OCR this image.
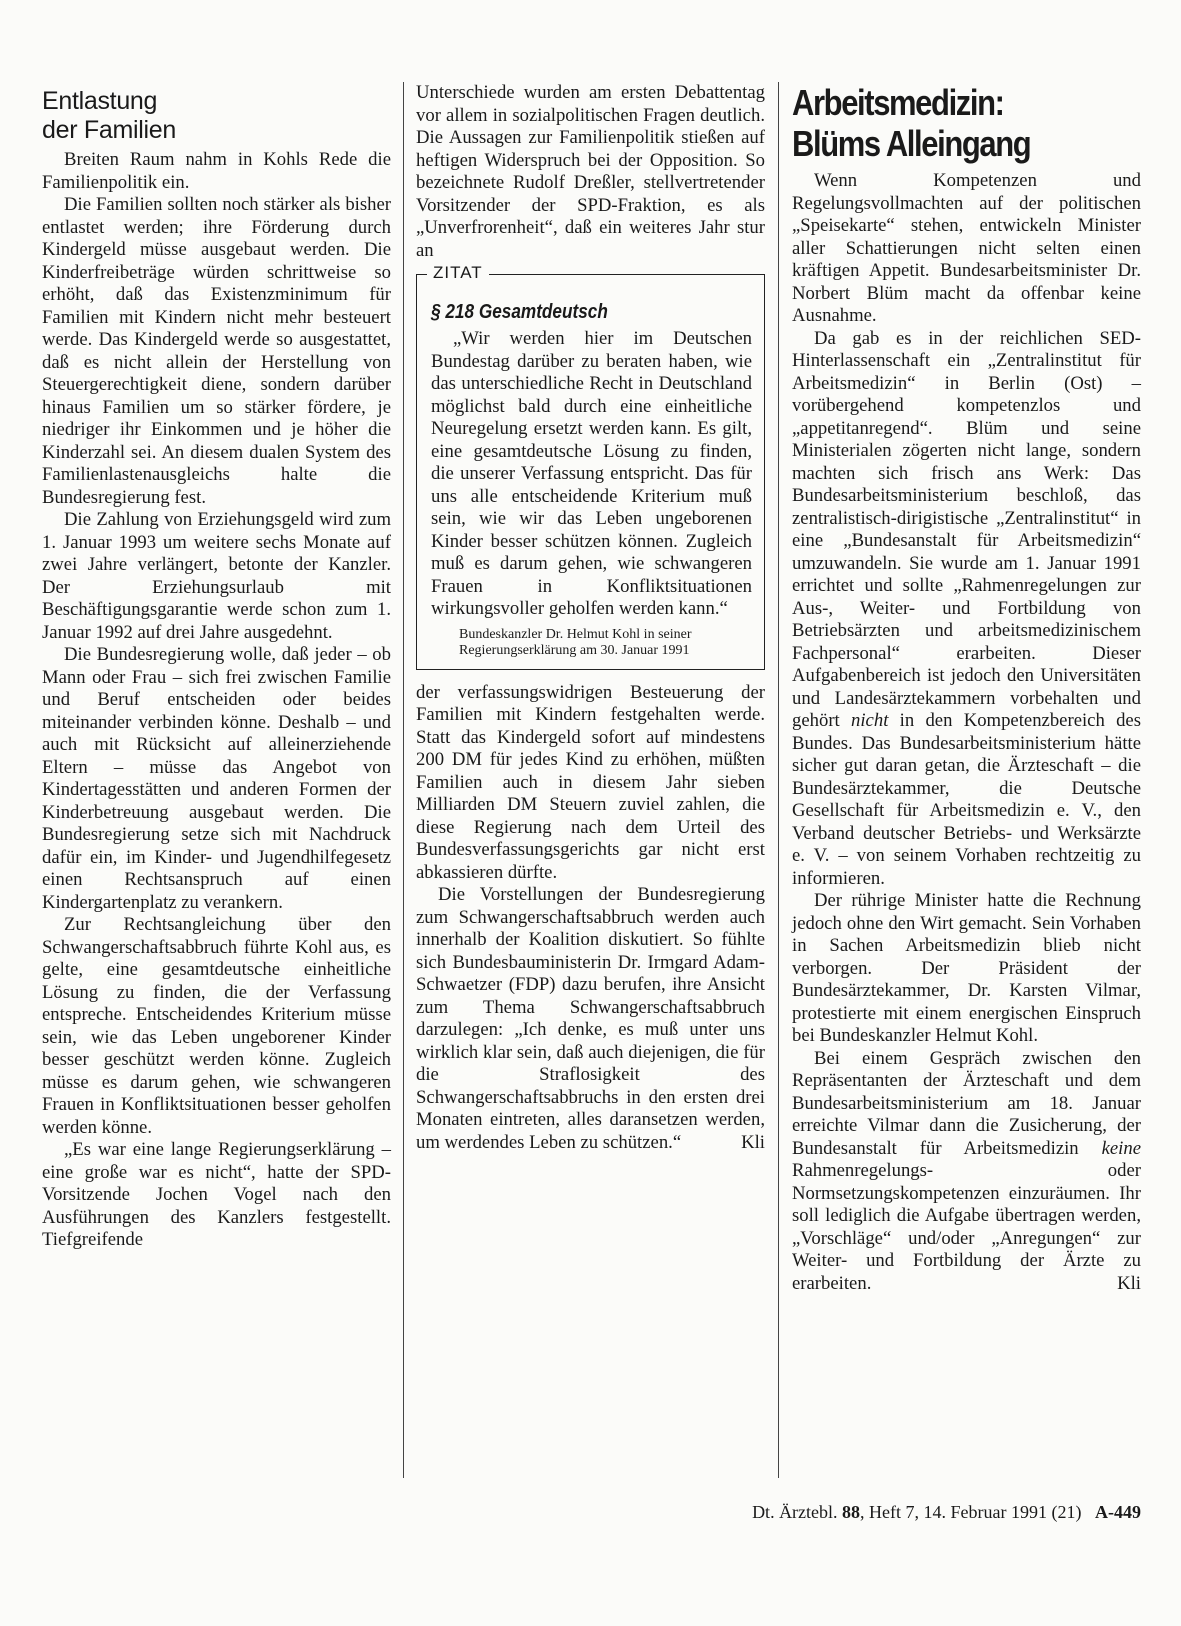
Entlastung
der Familien

Breiten Raum nahm in Kohls Rede die Familienpolitik ein.

Die Familien sollten noch stärker als bisher entlastet werden; ihre Förderung durch Kindergeld müsse ausgebaut werden. Die Kinderfreibeträge würden schrittweise so erhöht, daß das Existenzminimum für Familien mit Kindern nicht mehr besteuert werde. Das Kindergeld werde so ausgestattet, daß es nicht allein der Herstellung von Steuergerechtigkeit diene, sondern darüber hinaus Familien um so stärker fördere, je niedriger ihr Einkommen und je höher die Kinderzahl sei. An diesem dualen System des Familienlastenausgleichs halte die Bundesregierung fest.

Die Zahlung von Erziehungsgeld wird zum 1. Januar 1993 um weitere sechs Monate auf zwei Jahre verlängert, betonte der Kanzler. Der Erziehungsurlaub mit Beschäftigungsgarantie werde schon zum 1. Januar 1992 auf drei Jahre ausgedehnt.

Die Bundesregierung wolle, daß jeder – ob Mann oder Frau – sich frei zwischen Familie und Beruf entscheiden oder beides miteinander verbinden könne. Deshalb – und auch mit Rücksicht auf alleinerziehende Eltern – müsse das Angebot von Kindertagesstätten und anderen Formen der Kinderbetreuung ausgebaut werden. Die Bundesregierung setze sich mit Nachdruck dafür ein, im Kinder- und Jugendhilfegesetz einen Rechtsanspruch auf einen Kindergartenplatz zu verankern.

Zur Rechtsangleichung über den Schwangerschaftsabbruch führte Kohl aus, es gelte, eine gesamtdeutsche einheitliche Lösung zu finden, die der Verfassung entspreche. Entscheidendes Kriterium müsse sein, wie das Leben ungeborener Kinder besser geschützt werden könne. Zugleich müsse es darum gehen, wie schwangeren Frauen in Konfliktsituationen besser geholfen werden könne.

„Es war eine lange Regierungserklärung – eine große war es nicht“, hatte der SPD-Vorsitzende Jochen Vogel nach den Ausführungen des Kanzlers festgestellt. Tiefgreifende

Unterschiede wurden am ersten Debattentag vor allem in sozialpolitischen Fragen deutlich. Die Aussagen zur Familienpolitik stießen auf heftigen Widerspruch bei der Opposition. So bezeichnete Rudolf Dreßler, stellvertretender Vorsitzender der SPD-Fraktion, es als „Unverfrorenheit“, daß ein weiteres Jahr stur an

ZITAT
§ 218 Gesamtdeutsch

„Wir werden hier im Deutschen Bundestag darüber zu beraten haben, wie das unterschiedliche Recht in Deutschland möglichst bald durch eine einheitliche Neuregelung ersetzt werden kann. Es gilt, eine gesamtdeutsche Lösung zu finden, die unserer Verfassung entspricht. Das für uns alle entscheidende Kriterium muß sein, wie wir das Leben ungeborenen Kinder besser schützen können. Zugleich muß es darum gehen, wie schwangeren Frauen in Konfliktsituationen wirkungsvoller geholfen werden kann.“

Bundeskanzler Dr. Helmut Kohl in seiner Regierungserklärung am 30. Januar 1991

der verfassungswidrigen Besteuerung der Familien mit Kindern festgehalten werde. Statt das Kindergeld sofort auf mindestens 200 DM für jedes Kind zu erhöhen, müßten Familien auch in diesem Jahr sieben Milliarden DM Steuern zuviel zahlen, die diese Regierung nach dem Urteil des Bundesverfassungsgerichts gar nicht erst abkassieren dürfte.

Die Vorstellungen der Bundesregierung zum Schwangerschaftsabbruch werden auch innerhalb der Koalition diskutiert. So fühlte sich Bundesbauministerin Dr. Irmgard Adam-Schwaetzer (FDP) dazu berufen, ihre Ansicht zum Thema Schwangerschaftsabbruch darzulegen: „Ich denke, es muß unter uns wirklich klar sein, daß auch diejenigen, die für die Straflosigkeit des Schwangerschaftsabbruchs in den ersten drei Monaten eintreten, alles daransetzen werden, um werdendes Leben zu schützen.“	Kli

Arbeitsmedizin:
Blüms Alleingang

Wenn Kompetenzen und Regelungsvollmachten auf der politischen „Speisekarte“ stehen, entwickeln Minister aller Schattierungen nicht selten einen kräftigen Appetit. Bundesarbeitsminister Dr. Norbert Blüm macht da offenbar keine Ausnahme.

Da gab es in der reichlichen SED-Hinterlassenschaft ein „Zentralinstitut für Arbeitsmedizin“ in Berlin (Ost) – vorübergehend kompetenzlos und „appetitanregend“. Blüm und seine Ministerialen zögerten nicht lange, sondern machten sich frisch ans Werk: Das Bundesarbeitsministerium beschloß, das zentralistisch-dirigistische „Zentralinstitut“ in eine „Bundesanstalt für Arbeitsmedizin“ umzuwandeln. Sie wurde am 1. Januar 1991 errichtet und sollte „Rahmenregelungen zur Aus-, Weiter- und Fortbildung von Betriebsärzten und arbeitsmedizinischem Fachpersonal“ erarbeiten. Dieser Aufgabenbereich ist jedoch den Universitäten und Landesärztekammern vorbehalten und gehört nicht in den Kompetenzbereich des Bundes. Das Bundesarbeitsministerium hätte sicher gut daran getan, die Ärzteschaft – die Bundesärztekammer, die Deutsche Gesellschaft für Arbeitsmedizin e. V., den Verband deutscher Betriebs- und Werksärzte e. V. – von seinem Vorhaben rechtzeitig zu informieren.

Der rührige Minister hatte die Rechnung jedoch ohne den Wirt gemacht. Sein Vorhaben in Sachen Arbeitsmedizin blieb nicht verborgen. Der Präsident der Bundesärztekammer, Dr. Karsten Vilmar, protestierte mit einem energischen Einspruch bei Bundeskanzler Helmut Kohl.

Bei einem Gespräch zwischen den Repräsentanten der Ärzteschaft und dem Bundesarbeitsministerium am 18. Januar erreichte Vilmar dann die Zusicherung, der Bundesanstalt für Arbeitsmedizin keine Rahmenregelungs- oder Normsetzungskompetenzen einzuräumen. Ihr soll lediglich die Aufgabe übertragen werden, „Vorschläge“ und/oder „Anregungen“ zur Weiter- und Fortbildung der Ärzte zu erarbeiten.	Kli

Dt. Ärztebl. 88, Heft 7, 14. Februar 1991 (21) A-449
